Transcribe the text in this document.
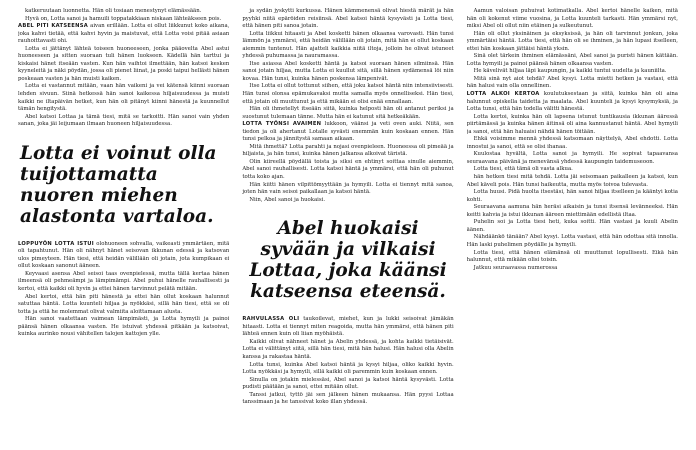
katkeruutaan luonnetta. Hän oli tosiaan menestynyt elämässään.

Hyvä on, Lotta sanoi ja hamuili toppatakkiaan niskaan lähteäkseen pois.

ABEL PITI KATSEENSA aivan erillään. Lotta ei ollut liikkunut koko aikana, joka kahvi tietää, että kahvi hyvin ja maistuvat, että Lotta voisi pitää asiaan rauhoittavasti ohi.

Lotta ei jättänyt lähteä toiseen huoneeseen, jonka pääovelta Abel astui huoneeseen ja sitten suoraan tuli hänen luokseen. Kädellä hän tarttui ja kiskaisi hänet itseään vasten. Kun hän vaihtoi ilmettään, hän katsoi kesken kyyneleitä ja näki pöydän, jossa oli pienet liinat, ja poski taipui hellästi hänen poskeaan vasten ja hän muisti kaiken.

Lotta ei vastannut mitään, vaan hän vaikeni ja vei kätensä kiinni suoraan lehden sivuun. Siinä hetkessä hän sanoi kaikessa hiljaisuudessa ja muisti kaikki ne iltapäivän hetket, kun hän oli pitänyt kiinni hänestä ja kuunnellut tämän hengitystä.

Abel katsoi Lottaa ja tämä tiesi, mitä se tarkoitti. Hän sanoi vain yhden sanan, joka jäi leijumaan ilmaan huoneen hiljaisuudessa.

Lotta ei voinut olla tuijottamatta nuoren miehen alastonta vartaloa.

LOPPUYÖN LOTTA ISTUI olohuoneen sohvalla, vaikeasti ymmärtäen, mitä oli tapahtunut. Hän oli nähnyt hänet seisovan ikkunan edessä ja katsovan ulos pimeyteen. Hän tiesi, että heidän välillään oli jotain, jota kumpikaan ei ollut koskaan sanonut ääneen.

Keyvaasi asensa Abel seisoi taas ovenpielessä, mutta tällä kertaa hänen ilmeensä oli pehmeämpi ja lämpimämpi. Abel puhui hänelle rauhallisesti ja kertoi, että kaikki oli hyvin ja ettei hänen tarvinnut pelätä mitään.

Abel kertoi, että hän piti hänestä ja ettei hän ollut koskaan halunnut satuttaa häntä. Lotta kuunteli hiljaa ja nyökkäsi, sillä hän tiesi, että se oli totta ja että he molemmat olivat valmiita aloittamaan alusta.

Hän sanoi vaatettaan vaimean lämpimästi, ja Lotta hymyili ja painoi päänsä hänen olkaansa vasten. He istuivat yhdessä pitkään ja katsoivat, kuinka aurinko nousi vähitellen talojen kattojen ylle.

ja sydän jyskytti kurkussa. Hänen kämmenensä olivat hiestä märät ja hän pyyhki niitä epäröiden reisiinsä. Abel katsoi häntä kysyvästi ja Lotta tiesi, että hänen piti sanoa jotain.

Lotta liikkui hitaasti ja Abel kosketti hänen olkaansa varovasti. Hän tunsi lämmön ja ymmärsi, että heidän välillään oli jotain, mitä hän ei ollut koskaan aiemmin tuntenut. Hän ajatteli kaikkia niitä iltoja, jolloin he olivat istuneet yhdessä puhumassa ja nauramassa.

Itse asiassa Abel kosketti häntä ja katsoi suoraan hänen silmiinsä. Hän sanoi jotain hiljaa, mutta Lotta ei kuullut sitä, sillä hänen sydämensä löi niin kovaa. Hän tunsi, kuinka hänen poskensa lämpenivät.

Itse Lotta ei ollut tottunut siihen, että joku katsoi häntä niin intensiivisesti. Hän tunsi olonsa epämukavaksi mutta samalla myös onnelliseksi. Hän tiesi, että jotain oli muuttunut ja että mikään ei olisi enää ennallaan.

Hän oli ihmetellyt itseään siitä, kuinka helposti hän oli antanut periksi ja suostunut tulemaan tänne. Mutta hän ei katunut sitä hetkeäkään.

LOTTA TYÖNSI AVAIMEN lukkoon, väänsi ja veti oven auki. Niitä, sen tiedon ja oli ahertanut Lotalle syvästi enemmän kuin koskaan ennen. Hän tunsi pelkoa ja jännitystä samaan aikaan.

Mitä ihmettä? Lotta parahti ja nojasi ovenpieleen. Huoneessa oli pimeää ja hiljaista, ja hän tunsi, kuinka hänen jalkansa alkoivat täristä.

Olin kiireellä pöydällä toista ja siksi en ehtinyt soittaa sinulle aiemmin, Abel sanoi rauhallisesti. Lotta katsoi häntä ja ymmärsi, että hän oli puhunut totta koko ajan.

Hän kiitti hänen vilpittömyyttään ja hymyili. Lotta ei tiennyt mitä sanoa, joten hän vain seisoi paikallaan ja katsoi häntä.

Niin, Abel sanoi ja huokaisi.

Abel huokaisi syvään ja vilkaisi Lottaa, joka käänsi katseensa eteensä.

RAHVULASSA OLI taukoilevat, miehet, kun ja lukki seisoivat jämäkän hitaasti. Lotta ei tiennyt miten reagoida, mutta hän ymmärsi, että hänen piti lähteä ennen kuin oli liian myöhäistä.

Kaikki olivat nähneet hänet ja Abelin yhdessä, ja kohta kaikki tietäisivät. Lotta ei välittänyt siitä, sillä hän tiesi, mitä hän halusi. Hän halusi olla Abelin kanssa ja rakastaa häntä.

Lotta tunsi, kuinka Abel katsoi häntä ja kysyi hiljaa, oliko kaikki hyvin. Lotta nyökkäsi ja hymyili, sillä kaikki oli paremmin kuin koskaan ennen.

Sinulla on jotakin mielessäsi, Abel sanoi ja katsoi häntä kysyvästi. Lotta pudisti päätään ja sanoi, ettei mitään ollut.

Tanssi jatkui, tyttö jäi sen jälkeen hänen mukaansa. Hän pyysi Lottaa tanssimaan ja he tanssivat koko illan yhdessä.

Aamun valoisan puhuivat kotimatkalla. Abel kertoi hänelle kaiken, mitä hän oli kokenut viime vuosina, ja Lotta kuunteli tarkasti. Hän ymmärsi nyt, miksi Abel oli ollut niin etäinen ja sulkeutunut.

Hän oli ollut yksinäinen ja eksyksissä, ja hän oli tarvinnut jonkun, joka ymmärtäisi häntä. Lotta tiesi, että hän oli se ihminen, ja hän lupasi itselleen, ettei hän koskaan jättäisi häntä yksin.

Sinä olet tärkein ihminen elämässäni, Abel sanoi ja puristi hänen kättään. Lotta hymyili ja painoi päänsä hänen olkaansa vasten.

He kävelivät hiljaa läpi kaupungin, ja kaikki tuntui uudelta ja kauniilta.

Mitä sinä nyt aiot tehdä? Abel kysyi. Lotta mietti hetken ja vastasi, että hän halusi vain olla onnellinen.

LOTTA ALKOI KERTOA koulutuksestaan ja siitä, kuinka hän oli aina halunnut opiskella taidetta ja maalata. Abel kuunteli ja kysyi kysymyksiä, ja Lotta tunsi, että hän todella välitti hänestä.

Lotta kertoi, kuinka hän oli lapsena istunut tuntikausia ikkunan ääressä piirtämässä ja kuinka hänen äitinsä oli aina kannustanut häntä. Abel hymyili ja sanoi, että hän haluaisi nähdä hänen töitään.

Ehkä voisimme mennä yhdessä katsomaan näyttelyä, Abel ehdotti. Lotta innostui ja sanoi, että se olisi ihanaa.

Kuulostaa hyvältä, Lotta sanoi ja hymyili. He sopivat tapaavansa seuraavana päivänä ja menevänsä yhdessä kaupungin taidemuseoon.

Lotta tiesi, että tämä oli vasta alkua.

hän hetken tiesi mitä tehdä. Lotta jäi seisomaan paikalleen ja katsoi, kun Abel käveli pois. Hän tunsi haikeutta, mutta myös toivoa tulevasta.

Lotta huusi. Pidä huolta itsestäsi, hän sanoi hiljaa itselleen ja kääntyi kotia kohti.

Seuraavana aamuna hän heräsi aikaisin ja tunsi itsensä levänneeksi. Hän keitti kahvia ja istui ikkunan ääreen miettimään edellistä iltaa.

Puhelin soi ja Lotta tiesi heti, kuka soitti. Hän vastasi ja kuuli Abelin äänen.

Nähdäänkö tänään? Abel kysyi. Lotta vastasi, että hän odottaa sitä innolla. Hän laski puhelimen pöydälle ja hymyili.

Lotta tiesi, että hänen elämänsä oli muuttunut lopullisesti. Eikä hän halunnut, että mikään olisi toisin.

Jatkuu seuraavassa numerossa
